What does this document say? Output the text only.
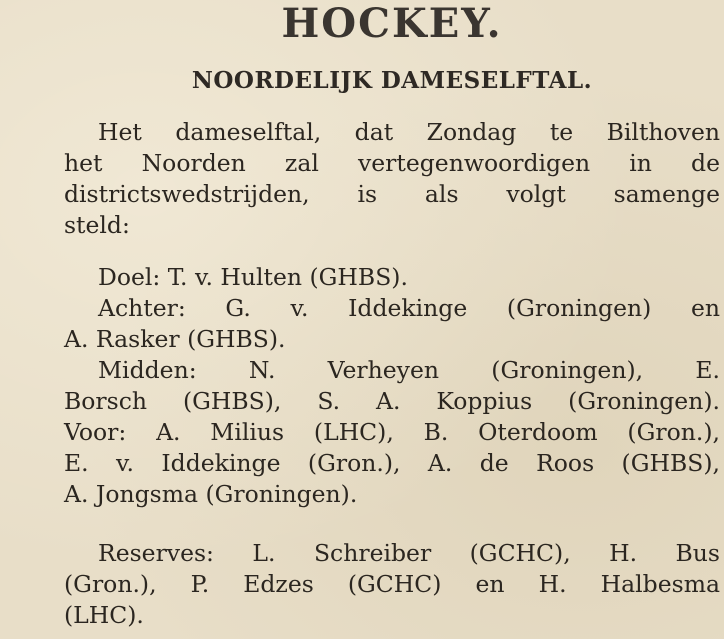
HOCKEY.
NOORDELIJK DAMESELFTAL.

Het dameselftal, dat Zondag te Bilthoven
het Noorden zal vertegenwoordigen in de
districtswedstrijden, is als volgt samenge
steld:

Doel: T. v. Hulten (GHBS).
Achter: G. v. Iddekinge (Groningen) en
A. Rasker (GHBS).
Midden: N. Verheyen (Groningen), E.
Borsch (GHBS), S. A. Koppius (Groningen).
Voor: A. Milius (LHC), B. Oterdoom (Gron.),
E. v. Iddekinge (Gron.), A. de Roos (GHBS),
A. Jongsma (Groningen).

Reserves: L. Schreiber (GCHC), H. Bus
(Gron.), P. Edzes (GCHC) en H. Halbesma
(LHC).
